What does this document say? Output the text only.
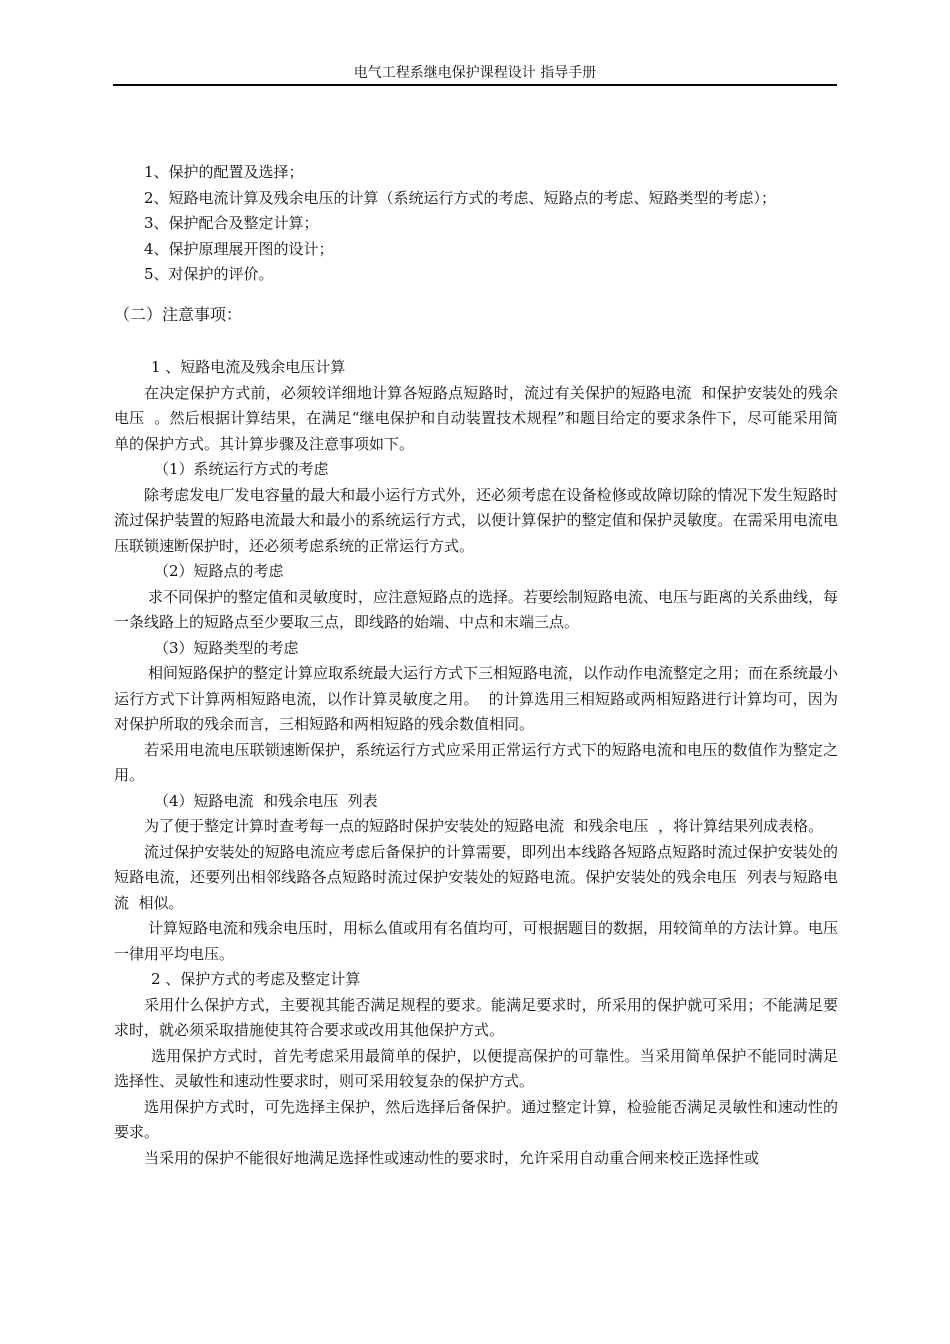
电气工程系继电保护课程设计 指导手册

1、保护的配置及选择；

2、短路电流计算及残余电压的计算（系统运行方式的考虑、短路点的考虑、短路类型的考虑）；

3、保护配合及整定计算；

4、保护原理展开图的设计；

5、对保护的评价。

（二）注意事项：

1 、短路电流及残余电压计算

在决定保护方式前，必须较详细地计算各短路点短路时，流过有关保护的短路电流  和保护安装处的残余电压  。然后根据计算结果，在满足“继电保护和自动装置技术规程”和题目给定的要求条件下，尽可能采用简单的保护方式。其计算步骤及注意事项如下。

（1）系统运行方式的考虑

除考虑发电厂发电容量的最大和最小运行方式外，还必须考虑在设备检修或故障切除的情况下发生短路时流过保护装置的短路电流最大和最小的系统运行方式，以便计算保护的整定值和保护灵敏度。在需采用电流电压联锁速断保护时，还必须考虑系统的正常运行方式。

（2）短路点的考虑

求不同保护的整定值和灵敏度时，应注意短路点的选择。若要绘制短路电流、电压与距离的关系曲线，每一条线路上的短路点至少要取三点，即线路的始端、中点和末端三点。

（3）短路类型的考虑

相间短路保护的整定计算应取系统最大运行方式下三相短路电流，以作动作电流整定之用；而在系统最小运行方式下计算两相短路电流，以作计算灵敏度之用。  的计算选用三相短路或两相短路进行计算均可，因为对保护所取的残余而言，三相短路和两相短路的残余数值相同。

若采用电流电压联锁速断保护，系统运行方式应采用正常运行方式下的短路电流和电压的数值作为整定之用。

（4）短路电流  和残余电压  列表

为了便于整定计算时查考每一点的短路时保护安装处的短路电流  和残余电压  ，将计算结果列成表格。

流过保护安装处的短路电流应考虑后备保护的计算需要，即列出本线路各短路点短路时流过保护安装处的短路电流，还要列出相邻线路各点短路时流过保护安装处的短路电流。保护安装处的残余电压  列表与短路电流  相似。

计算短路电流和残余电压时，用标么值或用有名值均可，可根据题目的数据，用较简单的方法计算。电压一律用平均电压。

2 、保护方式的考虑及整定计算

采用什么保护方式，主要视其能否满足规程的要求。能满足要求时，所采用的保护就可采用；不能满足要求时，就必须采取措施使其符合要求或改用其他保护方式。

选用保护方式时，首先考虑采用最简单的保护，以便提高保护的可靠性。当采用简单保护不能同时满足选择性、灵敏性和速动性要求时，则可采用较复杂的保护方式。

选用保护方式时，可先选择主保护，然后选择后备保护。通过整定计算，检验能否满足灵敏性和速动性的要求。

当采用的保护不能很好地满足选择性或速动性的要求时，允许采用自动重合闸来校正选择性或
